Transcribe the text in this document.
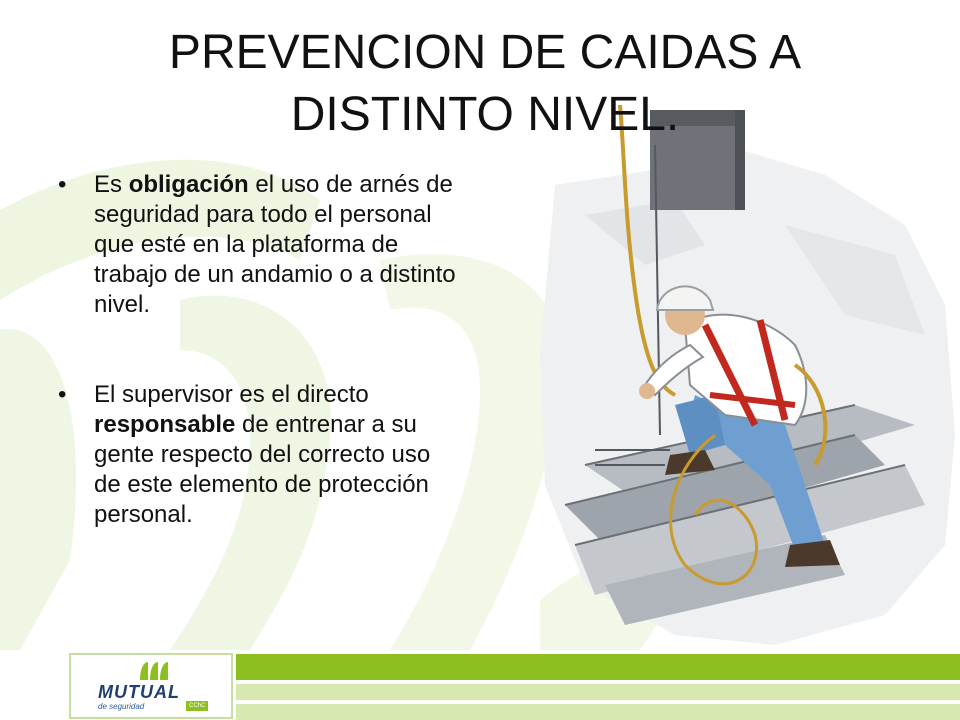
PREVENCION DE CAIDAS A
DISTINTO NIVEL.
• Es obligación el uso de arnés de seguridad para todo el personal que esté en la plataforma de trabajo de un andamio o a distinto nivel.
• El supervisor es el directo responsable de entrenar a su gente respecto del correcto uso de este elemento de protección personal.
MUTUAL
de seguridad	CChC
